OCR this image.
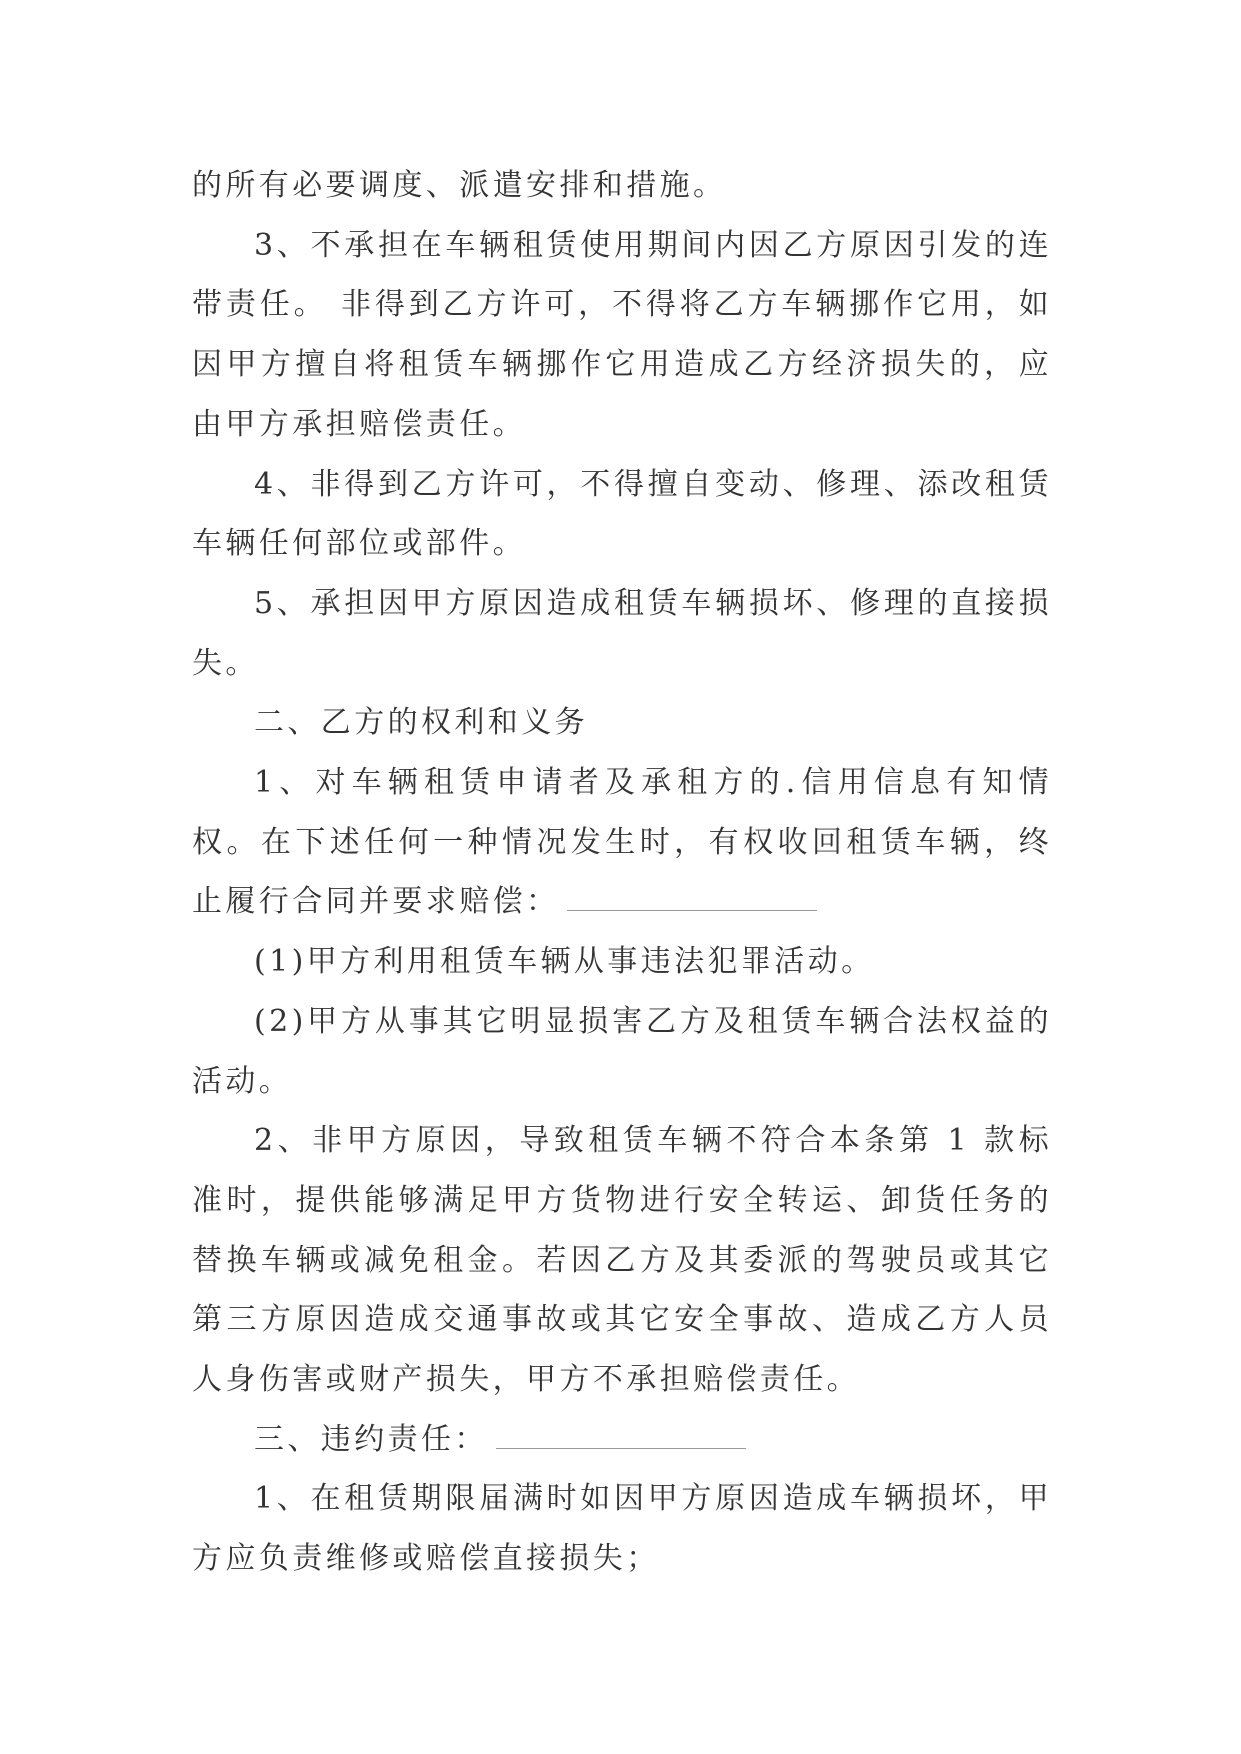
的所有必要调度、派遣安排和措施。

3、不承担在车辆租赁使用期间内因乙方原因引发的连带责任。 非得到乙方许可，不得将乙方车辆挪作它用，如因甲方擅自将租赁车辆挪作它用造成乙方经济损失的，应由甲方承担赔偿责任。

4、非得到乙方许可，不得擅自变动、修理、添改租赁车辆任何部位或部件。

5、承担因甲方原因造成租赁车辆损坏、修理的直接损失。

二、乙方的权利和义务

1、对车辆租赁申请者及承租方的.信用信息有知情权。在下述任何一种情况发生时，有权收回租赁车辆，终止履行合同并要求赔偿：

(1)甲方利用租赁车辆从事违法犯罪活动。

(2)甲方从事其它明显损害乙方及租赁车辆合法权益的活动。

2、非甲方原因，导致租赁车辆不符合本条第 1 款标准时，提供能够满足甲方货物进行安全转运、卸货任务的替换车辆或减免租金。若因乙方及其委派的驾驶员或其它第三方原因造成交通事故或其它安全事故、造成乙方人员人身伤害或财产损失，甲方不承担赔偿责任。

三、违约责任：

1、在租赁期限届满时如因甲方原因造成车辆损坏，甲方应负责维修或赔偿直接损失；
